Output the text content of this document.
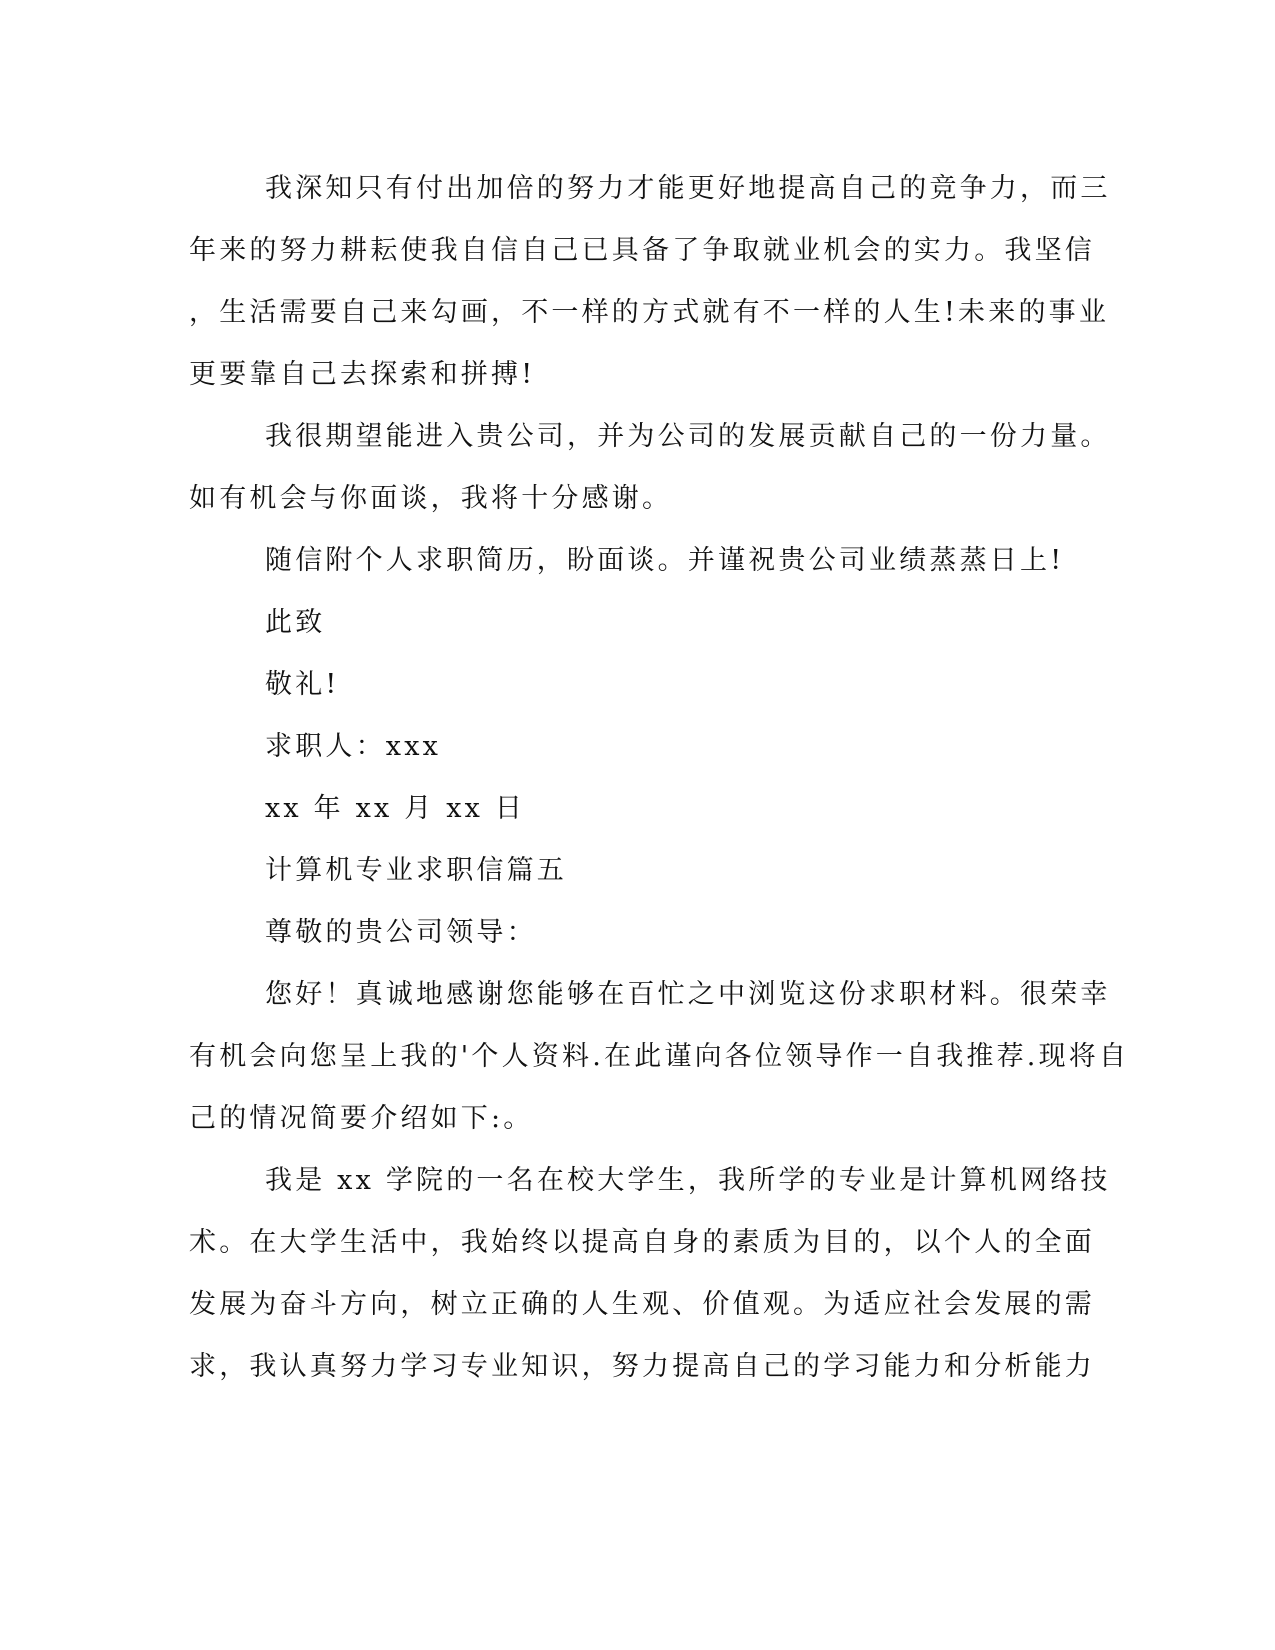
我深知只有付出加倍的努力才能更好地提高自己的竞争力，而三
年来的努力耕耘使我自信自己已具备了争取就业机会的实力。我坚信
，生活需要自己来勾画，不一样的方式就有不一样的人生!未来的事业
更要靠自己去探索和拼搏!
我很期望能进入贵公司，并为公司的发展贡献自己的一份力量。
如有机会与你面谈，我将十分感谢。
随信附个人求职简历，盼面谈。并谨祝贵公司业绩蒸蒸日上!
此致
敬礼!
求职人：xxx
xx 年 xx 月 xx 日
计算机专业求职信篇五
尊敬的贵公司领导：
您好！真诚地感谢您能够在百忙之中浏览这份求职材料。很荣幸
有机会向您呈上我的'个人资料.在此谨向各位领导作一自我推荐.现将自
己的情况简要介绍如下:。
我是 xx 学院的一名在校大学生，我所学的专业是计算机网络技
术。在大学生活中，我始终以提高自身的素质为目的，以个人的全面
发展为奋斗方向，树立正确的人生观、价值观。为适应社会发展的需
求，我认真努力学习专业知识，努力提高自己的学习能力和分析能力
